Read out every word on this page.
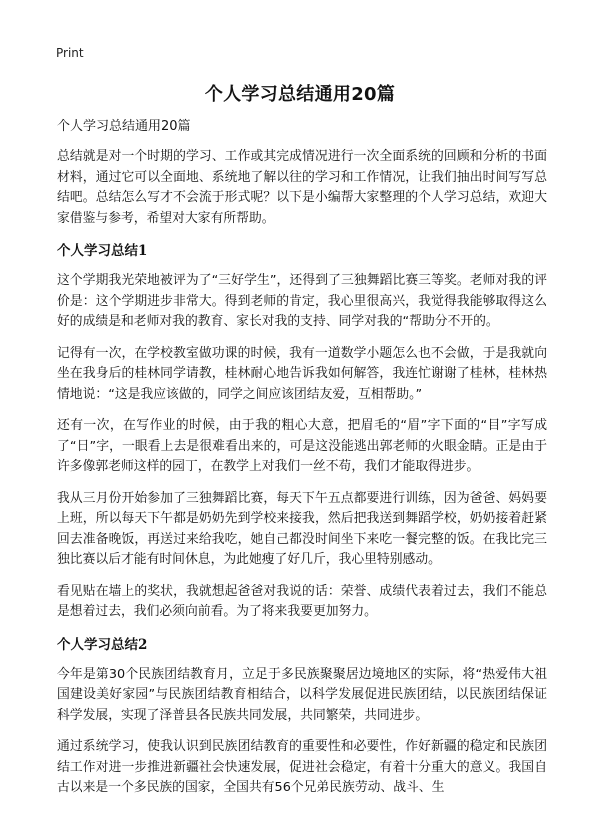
Print
个人学习总结通用20篇

个人学习总结通用20篇

总结就是对一个时期的学习、工作或其完成情况进行一次全面系统的回顾和分析的书面材料，通过它可以全面地、系统地了解以往的学习和工作情况，让我们抽出时间写写总结吧。总结怎么写才不会流于形式呢？以下是小编帮大家整理的个人学习总结，欢迎大家借鉴与参考，希望对大家有所帮助。

个人学习总结1

这个学期我光荣地被评为了“三好学生”，还得到了三独舞蹈比赛三等奖。老师对我的评价是：这个学期进步非常大。得到老师的肯定，我心里很高兴，我觉得我能够取得这么好的成绩是和老师对我的教育、家长对我的支持、同学对我的“帮助分不开的。

记得有一次，在学校教室做功课的时候，我有一道数学小题怎么也不会做，于是我就向坐在我身后的桂林同学请教，桂林耐心地告诉我如何解答，我连忙谢谢了桂林，桂林热情地说：“这是我应该做的，同学之间应该团结友爱，互相帮助。”

还有一次，在写作业的时候，由于我的粗心大意，把眉毛的“眉”字下面的“目”字写成了“日”字，一眼看上去是很难看出来的，可是这没能逃出郭老师的火眼金睛。正是由于许多像郭老师这样的园丁，在教学上对我们一丝不苟，我们才能取得进步。

我从三月份开始参加了三独舞蹈比赛，每天下午五点都要进行训练，因为爸爸、妈妈要上班，所以每天下午都是奶奶先到学校来接我，然后把我送到舞蹈学校，奶奶接着赶紧回去准备晚饭，再送过来给我吃，她自己都没时间坐下来吃一餐完整的饭。在我比完三独比赛以后才能有时间休息，为此她瘦了好几斤，我心里特别感动。

看见贴在墙上的奖状，我就想起爸爸对我说的话：荣誉、成绩代表着过去，我们不能总是想着过去，我们必须向前看。为了将来我要更加努力。

个人学习总结2

今年是第30个民族团结教育月，立足于多民族聚聚居边境地区的实际，将“热爱伟大祖国建设美好家园”与民族团结教育相结合，以科学发展促进民族团结，以民族团结保证科学发展，实现了泽普县各民族共同发展，共同繁荣，共同进步。

通过系统学习，使我认识到民族团结教育的重要性和必要性，作好新疆的稳定和民族团结工作对进一步推进新疆社会快速发展，促进社会稳定，有着十分重大的意义。我国自古以来是一个多民族的国家，全国共有56个兄弟民族劳动、战斗、生
